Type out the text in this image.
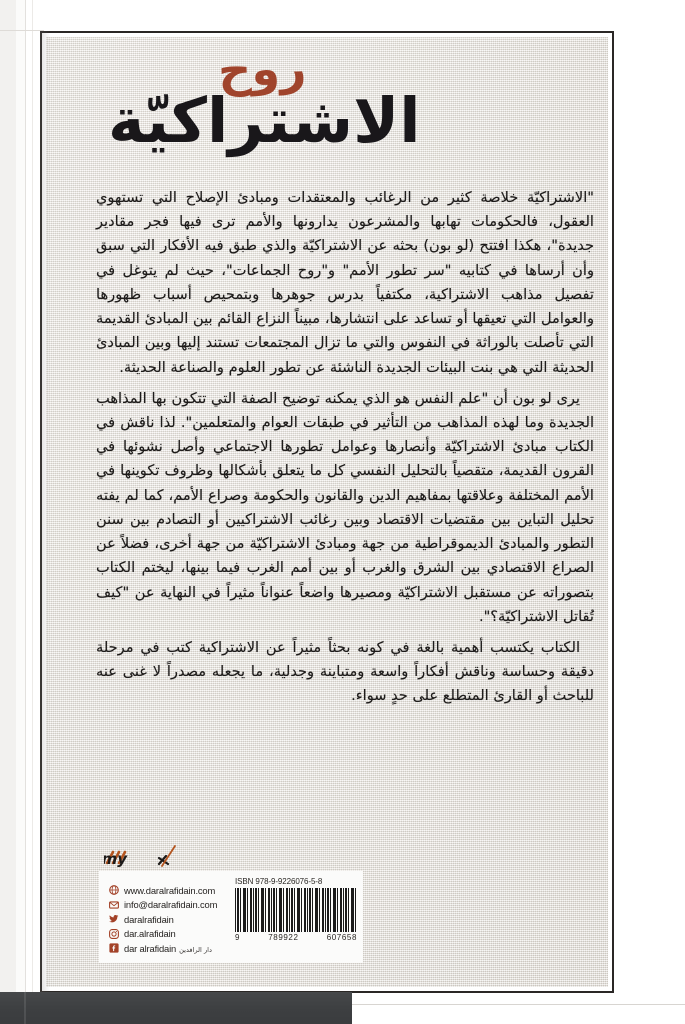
روح
الاشتراكيّة

"الاشتراكيّة خلاصة كثير من الرغائب والمعتقدات ومبادئ الإصلاح التي تستهوي العقول، فالحكومات تهابها والمشرعون يدارونها والأمم ترى فيها فجر مقادير جديدة"، هكذا افتتح (لو بون) بحثه عن الاشتراكيّة والذي طبق فيه الأفكار التي سبق وأن أرساها في كتابيه "سر تطور الأمم" و"روح الجماعات"، حيث لم يتوغل في تفصيل مذاهب الاشتراكية، مكتفياً بدرس جوهرها وبتمحيص أسباب ظهورها والعوامل التي تعيقها أو تساعد على انتشارها، مبيناً النزاع القائم بين المبادئ القديمة التي تأصلت بالوراثة في النفوس والتي ما تزال المجتمعات تستند إليها وبين المبادئ الحديثة التي هي بنت البيئات الجديدة الناشئة عن تطور العلوم والصناعة الحديثة.

يرى لو بون أن "علم النفس هو الذي يمكنه توضيح الصفة التي تتكون بها المذاهب الجديدة وما لهذه المذاهب من التأثير في طبقات العوام والمتعلمين". لذا ناقش في الكتاب مبادئ الاشتراكيّة وأنصارها وعوامل تطورها الاجتماعي وأصل نشوئها في القرون القديمة، متقصياً بالتحليل النفسي كل ما يتعلق بأشكالها وظروف تكوينها في الأمم المختلفة وعلاقتها بمفاهيم الدين والقانون والحكومة وصراع الأمم، كما لم يفته تحليل التباين بين مقتضيات الاقتصاد وبين رغائب الاشتراكيين أو التصادم بين سنن التطور والمبادئ الديموقراطية من جهة ومبادئ الاشتراكيّة من جهة أخرى، فضلاً عن الصراع الاقتصادي بين الشرق والغرب أو بين أمم الغرب فيما بينها، ليختم الكتاب بتصوراته عن مستقبل الاشتراكيّة ومصيرها واضعاً عنواناً مثيراً في النهاية عن "كيف تُقاتل الاشتراكيّة؟".

الكتاب يكتسب أهمية بالغة في كونه بحثاً مثيراً عن الاشتراكية كتب في مرحلة دقيقة وحساسة وناقش أفكاراً واسعة ومتباينة وجدلية، ما يجعله مصدراً لا غنى عنه للباحث أو القارئ المتطلع على حدٍ سواء.

my
ISBN 978-9-9226076-5-8
9	789922	607658
www.daralrafidain.com
info@daralrafidain.com
daralrafidain
dar.alrafidain
dar alrafidain دار الرافدين
